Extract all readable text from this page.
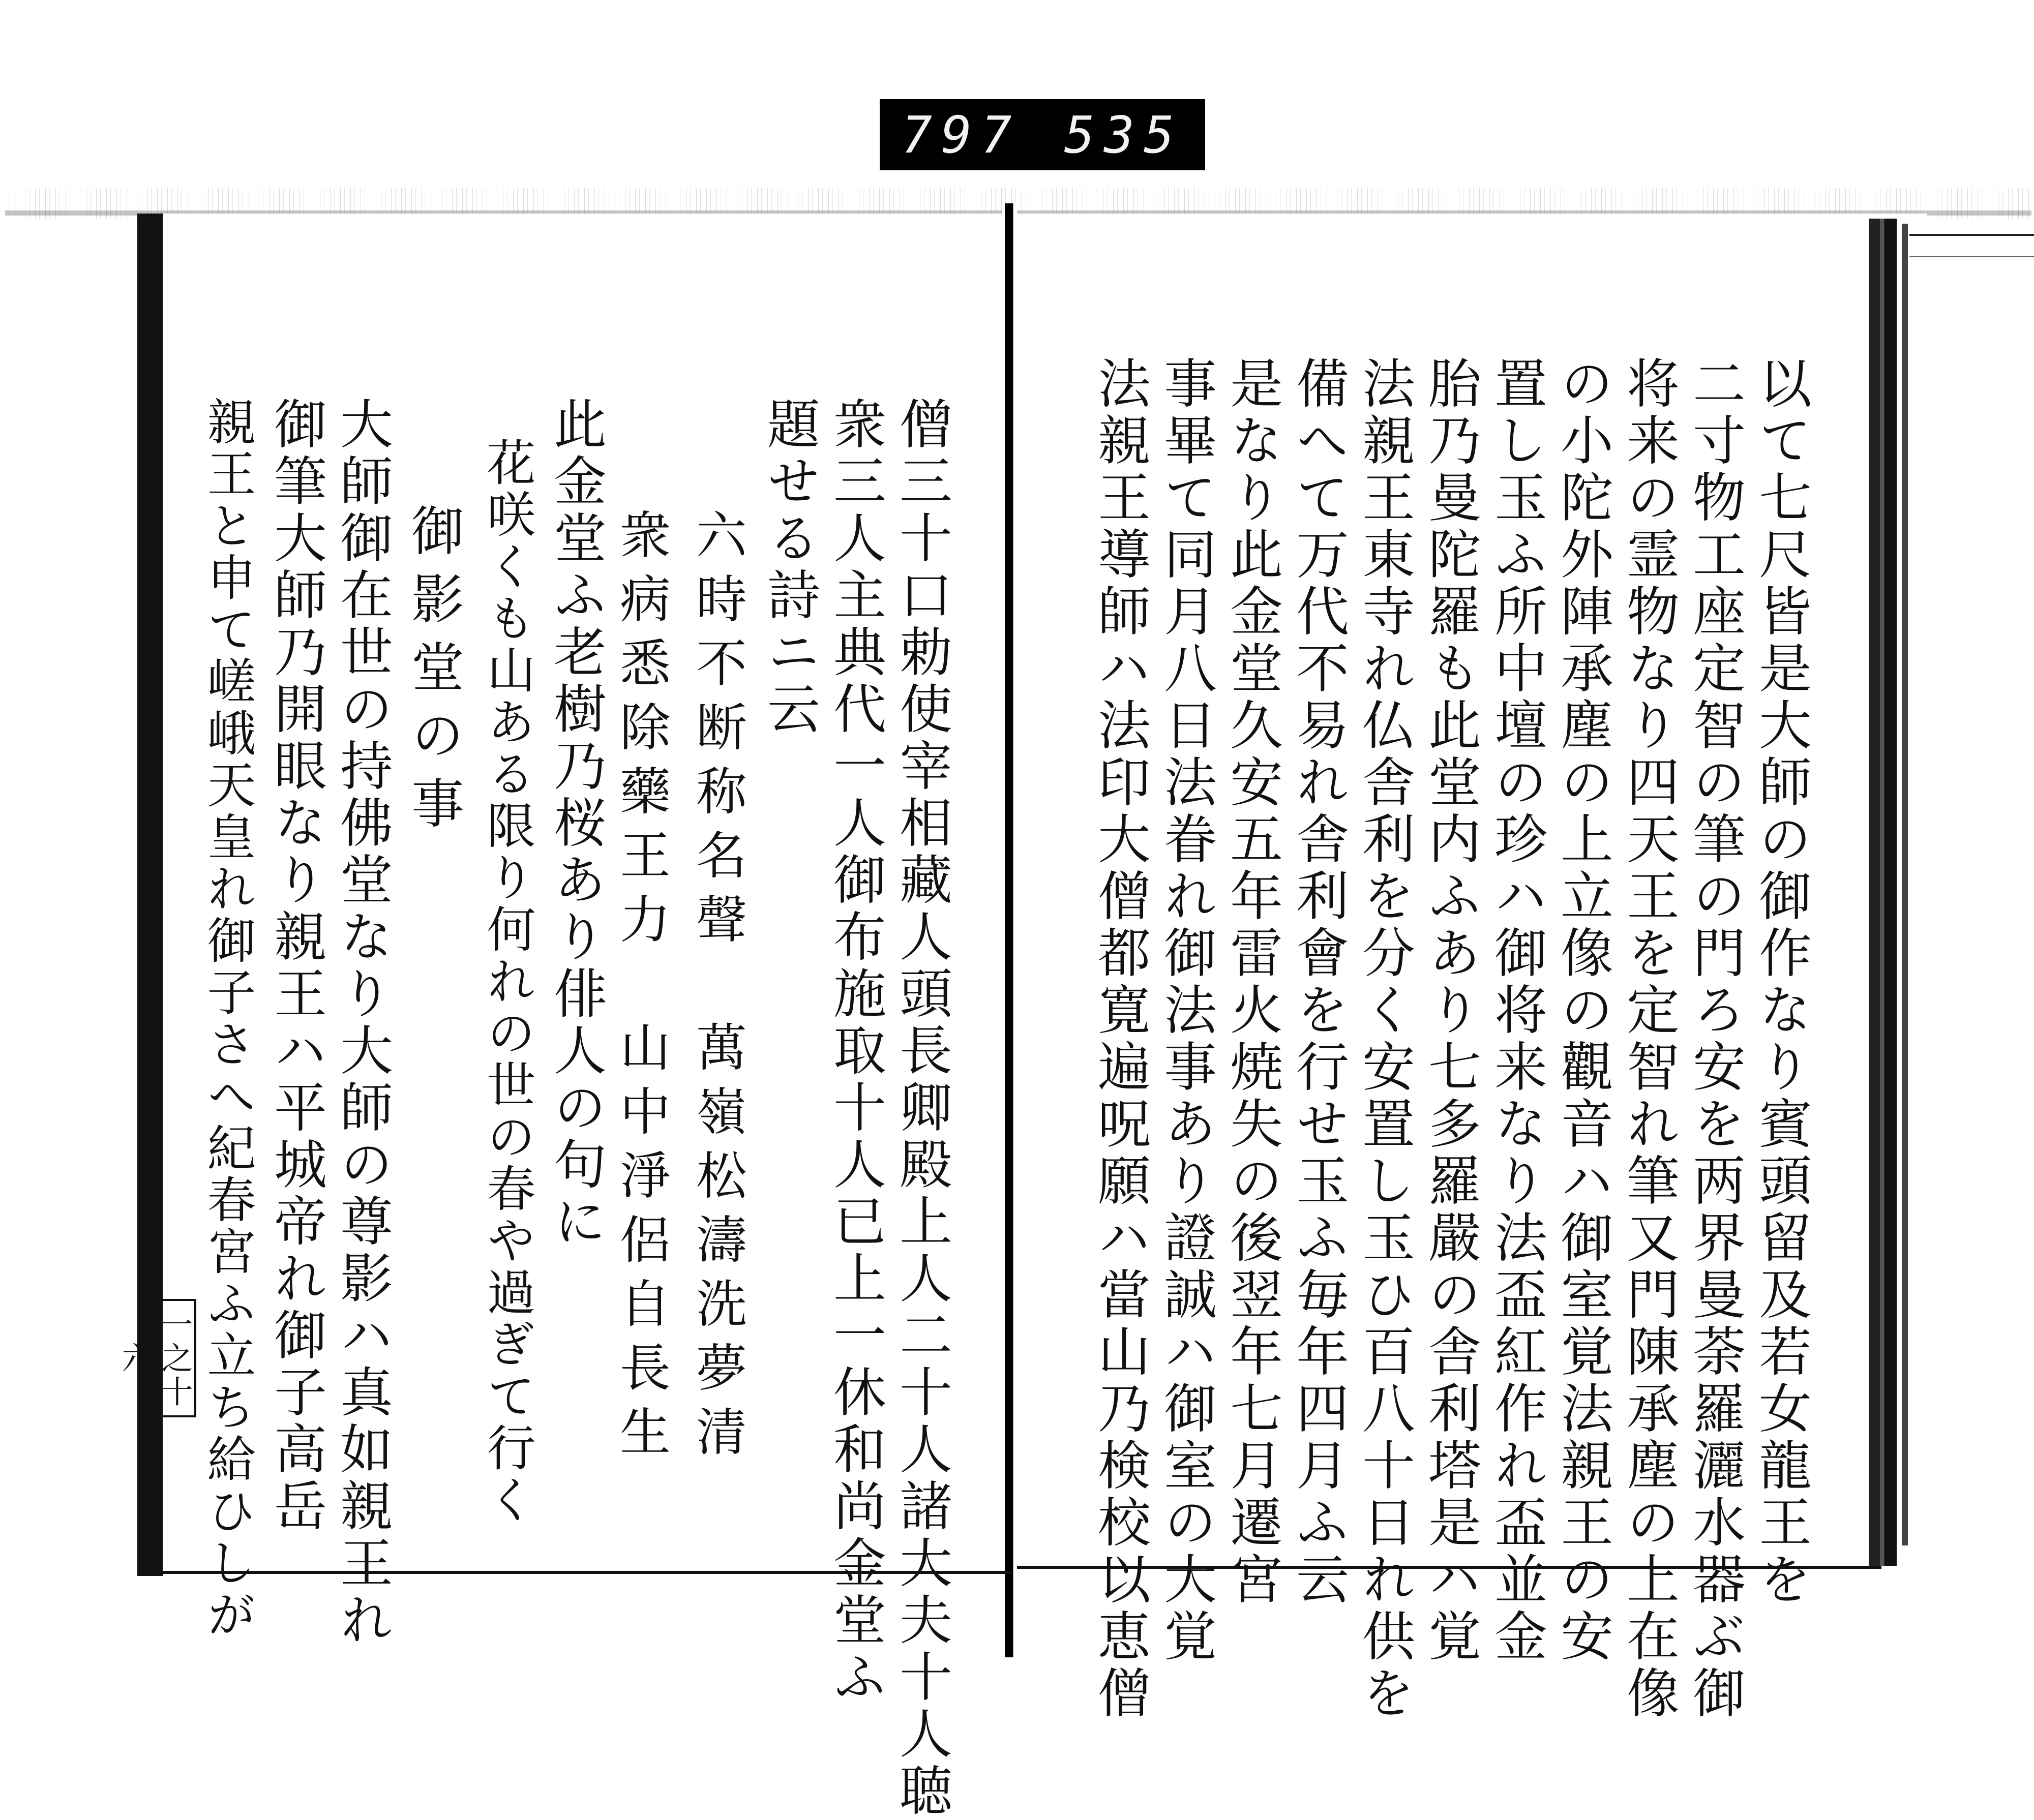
797 535
以て七尺皆是大師の御作なり賓頭留及若女龍王を
二寸物工座定智の筆の門ろ安を两界曼荼羅灑水器ぶ御
将来の霊物なり四天王を定智れ筆又門陳承塵の上在像
の小陀外陣承塵の上立像の觀音ハ御室覚法親王の安
置し玉ふ所中壇の珍ハ御将来なり法盃紅作れ盃並金
胎乃曼陀羅も此堂内ふあり七多羅嚴の舎利塔是ハ覚
法親王東寺れ仏舎利を分く安置し玉ひ百八十日れ供を
備へて万代不易れ舎利會を行せ玉ふ毎年四月ふ云
是なり此金堂久安五年雷火焼失の後翌年七月遷宮
事畢て同月八日法眷れ御法事あり證誠ハ御室の大覚
法親王導師ハ法印大僧都寛遍呪願ハ當山乃検校以恵僧
僧三十口勅使宰相藏人頭長卿殿上人二十人諸大夫十人聴
衆三人主典代一人御布施取十人已上一休和尚金堂ふ
題せる詩ニ云
六時不断称名聲　萬嶺松濤洗夢清
衆病悉除藥王力　山中淨侶自長生
此金堂ふ老樹乃桜あり俳人の句に
花咲くも山ある限り何れの世の春や過ぎて行く
御影堂の事
大師御在世の持佛堂なり大師の尊影ハ真如親王れ
御筆大師乃開眼なり親王ハ平城帝れ御子高岳
親王と申て嵯峨天皇れ御子さへ紀春宮ふ立ち給ひしが
一之十六
